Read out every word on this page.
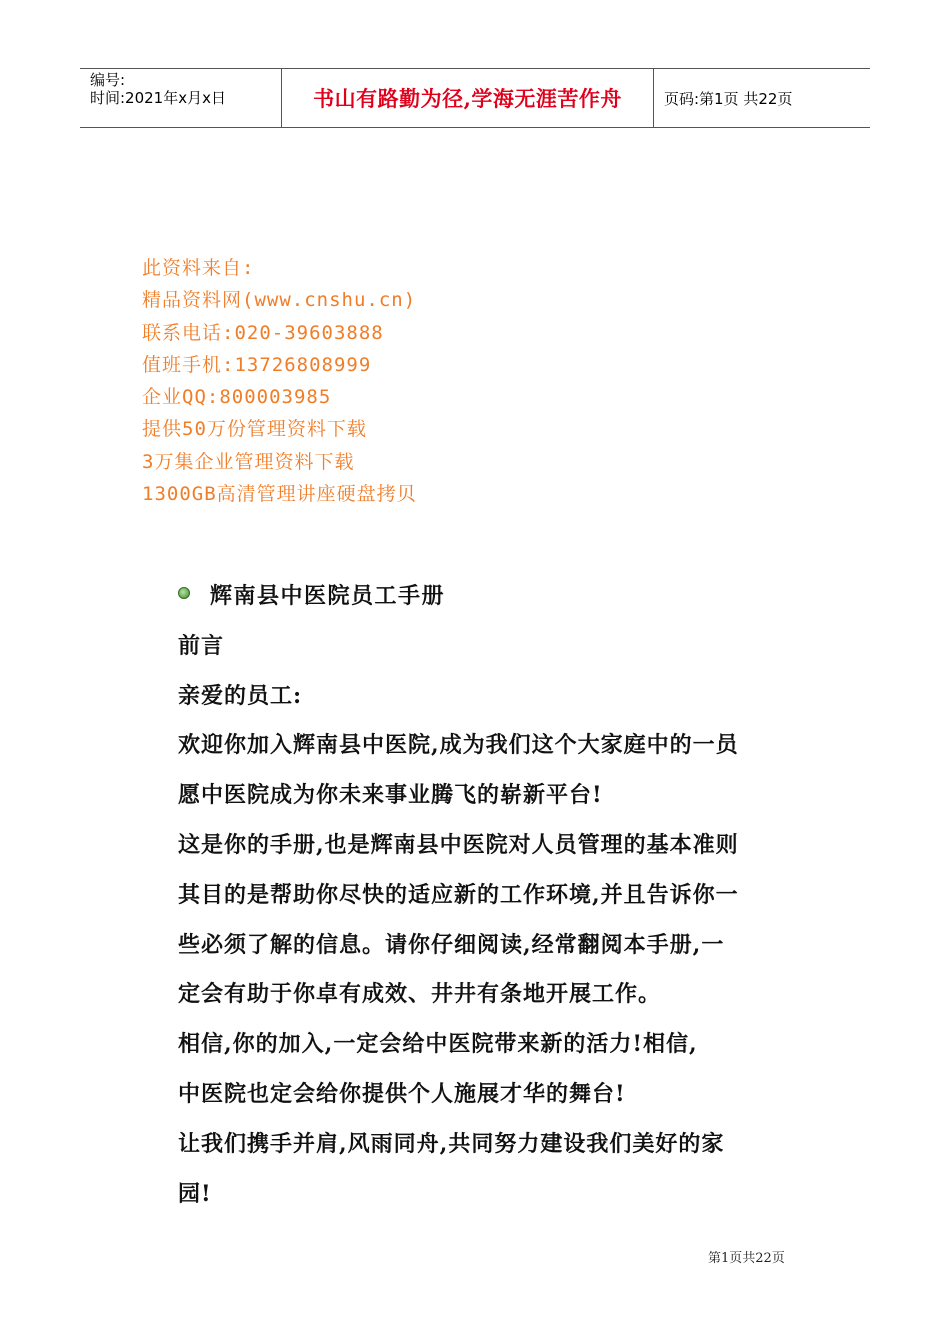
编号:
时间:2021年x月x日	书山有路勤为径,学海无涯苦作舟	页码:第1页 共22页
此资料来自:
精品资料网(www.cnshu.cn)
联系电话:020-39603888
值班手机:13726808999
企业QQ:800003985
提供50万份管理资料下载
3万集企业管理资料下载
1300GB高清管理讲座硬盘拷贝

辉南县中医院员工手册

前言

亲爱的员工:

欢迎你加入辉南县中医院,成为我们这个大家庭中的一员

愿中医院成为你未来事业腾飞的崭新平台!

这是你的手册,也是辉南县中医院对人员管理的基本准则

其目的是帮助你尽快的适应新的工作环境,并且告诉你一

些必须了解的信息。请你仔细阅读,经常翻阅本手册,一

定会有助于你卓有成效、井井有条地开展工作。

相信,你的加入,一定会给中医院带来新的活力!相信,

中医院也定会给你提供个人施展才华的舞台!

让我们携手并肩,风雨同舟,共同努力建设我们美好的家

园!

第1页共22页
